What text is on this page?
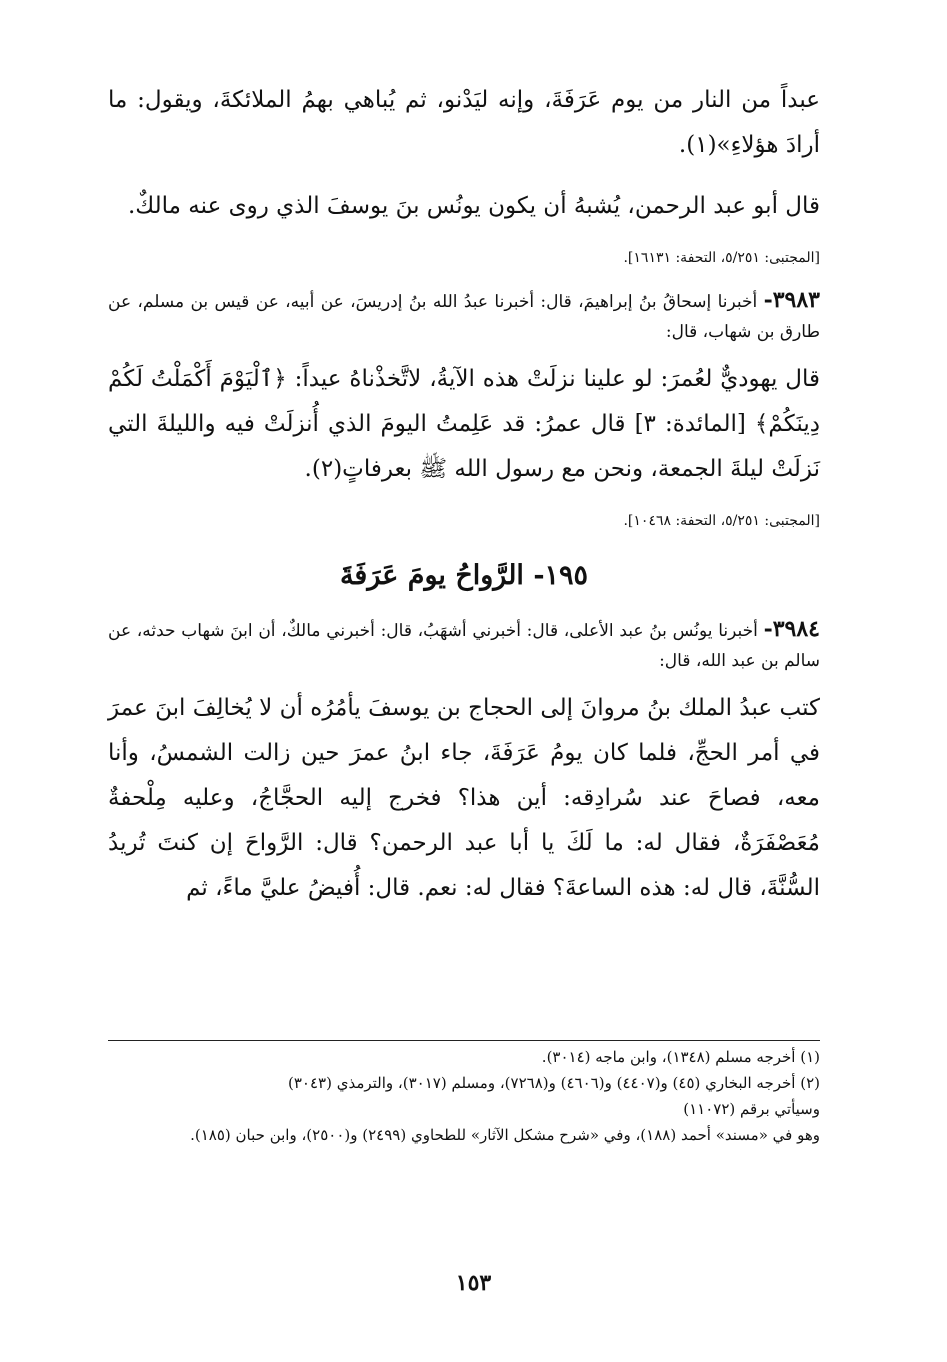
عبداً من النار من يوم عَرَفَةَ، وإنه ليَدْنو، ثم يُباهي بهمُ الملائكةَ، ويقول: ما أرادَ هؤلاءِ»(١).

قال أبو عبد الرحمن، يُشبهُ أن يكون يونُس بنَ يوسفَ الذي روى عنه مالكٌ.

[المجتبى: ٥/٢٥١، التحفة: ١٦١٣١].

٣٩٨٣- أخبرنا إسحاقُ بنُ إبراهيمَ، قال: أخبرنا عبدُ الله بنُ إدريسَ، عن أبيه، عن قيس بن مسلم، عن طارق بن شهاب، قال:

قال يهوديٌّ لعُمرَ: لو علينا نزلَتْ هذه الآيةُ، لاتَّخذْناهُ عيداً: ﴿ٱلْيَوْمَ أَكْمَلْتُ لَكُمْ دِينَكُمْ﴾ [المائدة: ٣] قال عمرُ: قد عَلِمتُ اليومَ الذي أُنزلَتْ فيه والليلةَ التي نَزلَتْ ليلةَ الجمعة، ونحن مع رسول الله ﷺ بعرفاتٍ(٢).

[المجتبى: ٥/٢٥١، التحفة: ١٠٤٦٨].

١٩٥- الرَّواحُ يومَ عَرَفَةَ

٣٩٨٤- أخبرنا يونُس بنُ عبد الأعلى، قال: أخبرني أشهَبُ، قال: أخبرني مالكٌ، أن ابنَ شهاب حدثه، عن سالم بن عبد الله، قال:

كتب عبدُ الملك بنُ مروانَ إلى الحجاج بن يوسفَ يأمُرُه أن لا يُخالِفَ ابنَ عمرَ في أمر الحجِّ، فلما كان يومُ عَرَفَةَ، جاء ابنُ عمرَ حين زالت الشمسُ، وأنا معه، فصاحَ عند سُرادِقه: أين هذا؟ فخرج إليه الحجَّاجُ، وعليه مِلْحفةٌ مُعَصْفَرَةٌ، فقال له: ما لَكَ يا أبا عبد الرحمن؟ قال: الرَّواحَ إن كنتَ تُريدُ السُّنَّةَ، قال له: هذه الساعةَ؟ فقال له: نعم. قال: أُفيضُ عليَّ ماءً، ثم

(١) أخرجه مسلم (١٣٤٨)، وابن ماجه (٣٠١٤).

(٢) أخرجه البخاري (٤٥) و(٤٤٠٧) و(٤٦٠٦) و(٧٢٦٨)، ومسلم (٣٠١٧)، والترمذي (٣٠٤٣)

وسيأتي برقم (١١٠٧٢)

وهو في «مسند» أحمد (١٨٨)، وفي «شرح مشكل الآثار» للطحاوي (٢٤٩٩) و(٢٥٠٠)، وابن حبان (١٨٥).

١٥٣
